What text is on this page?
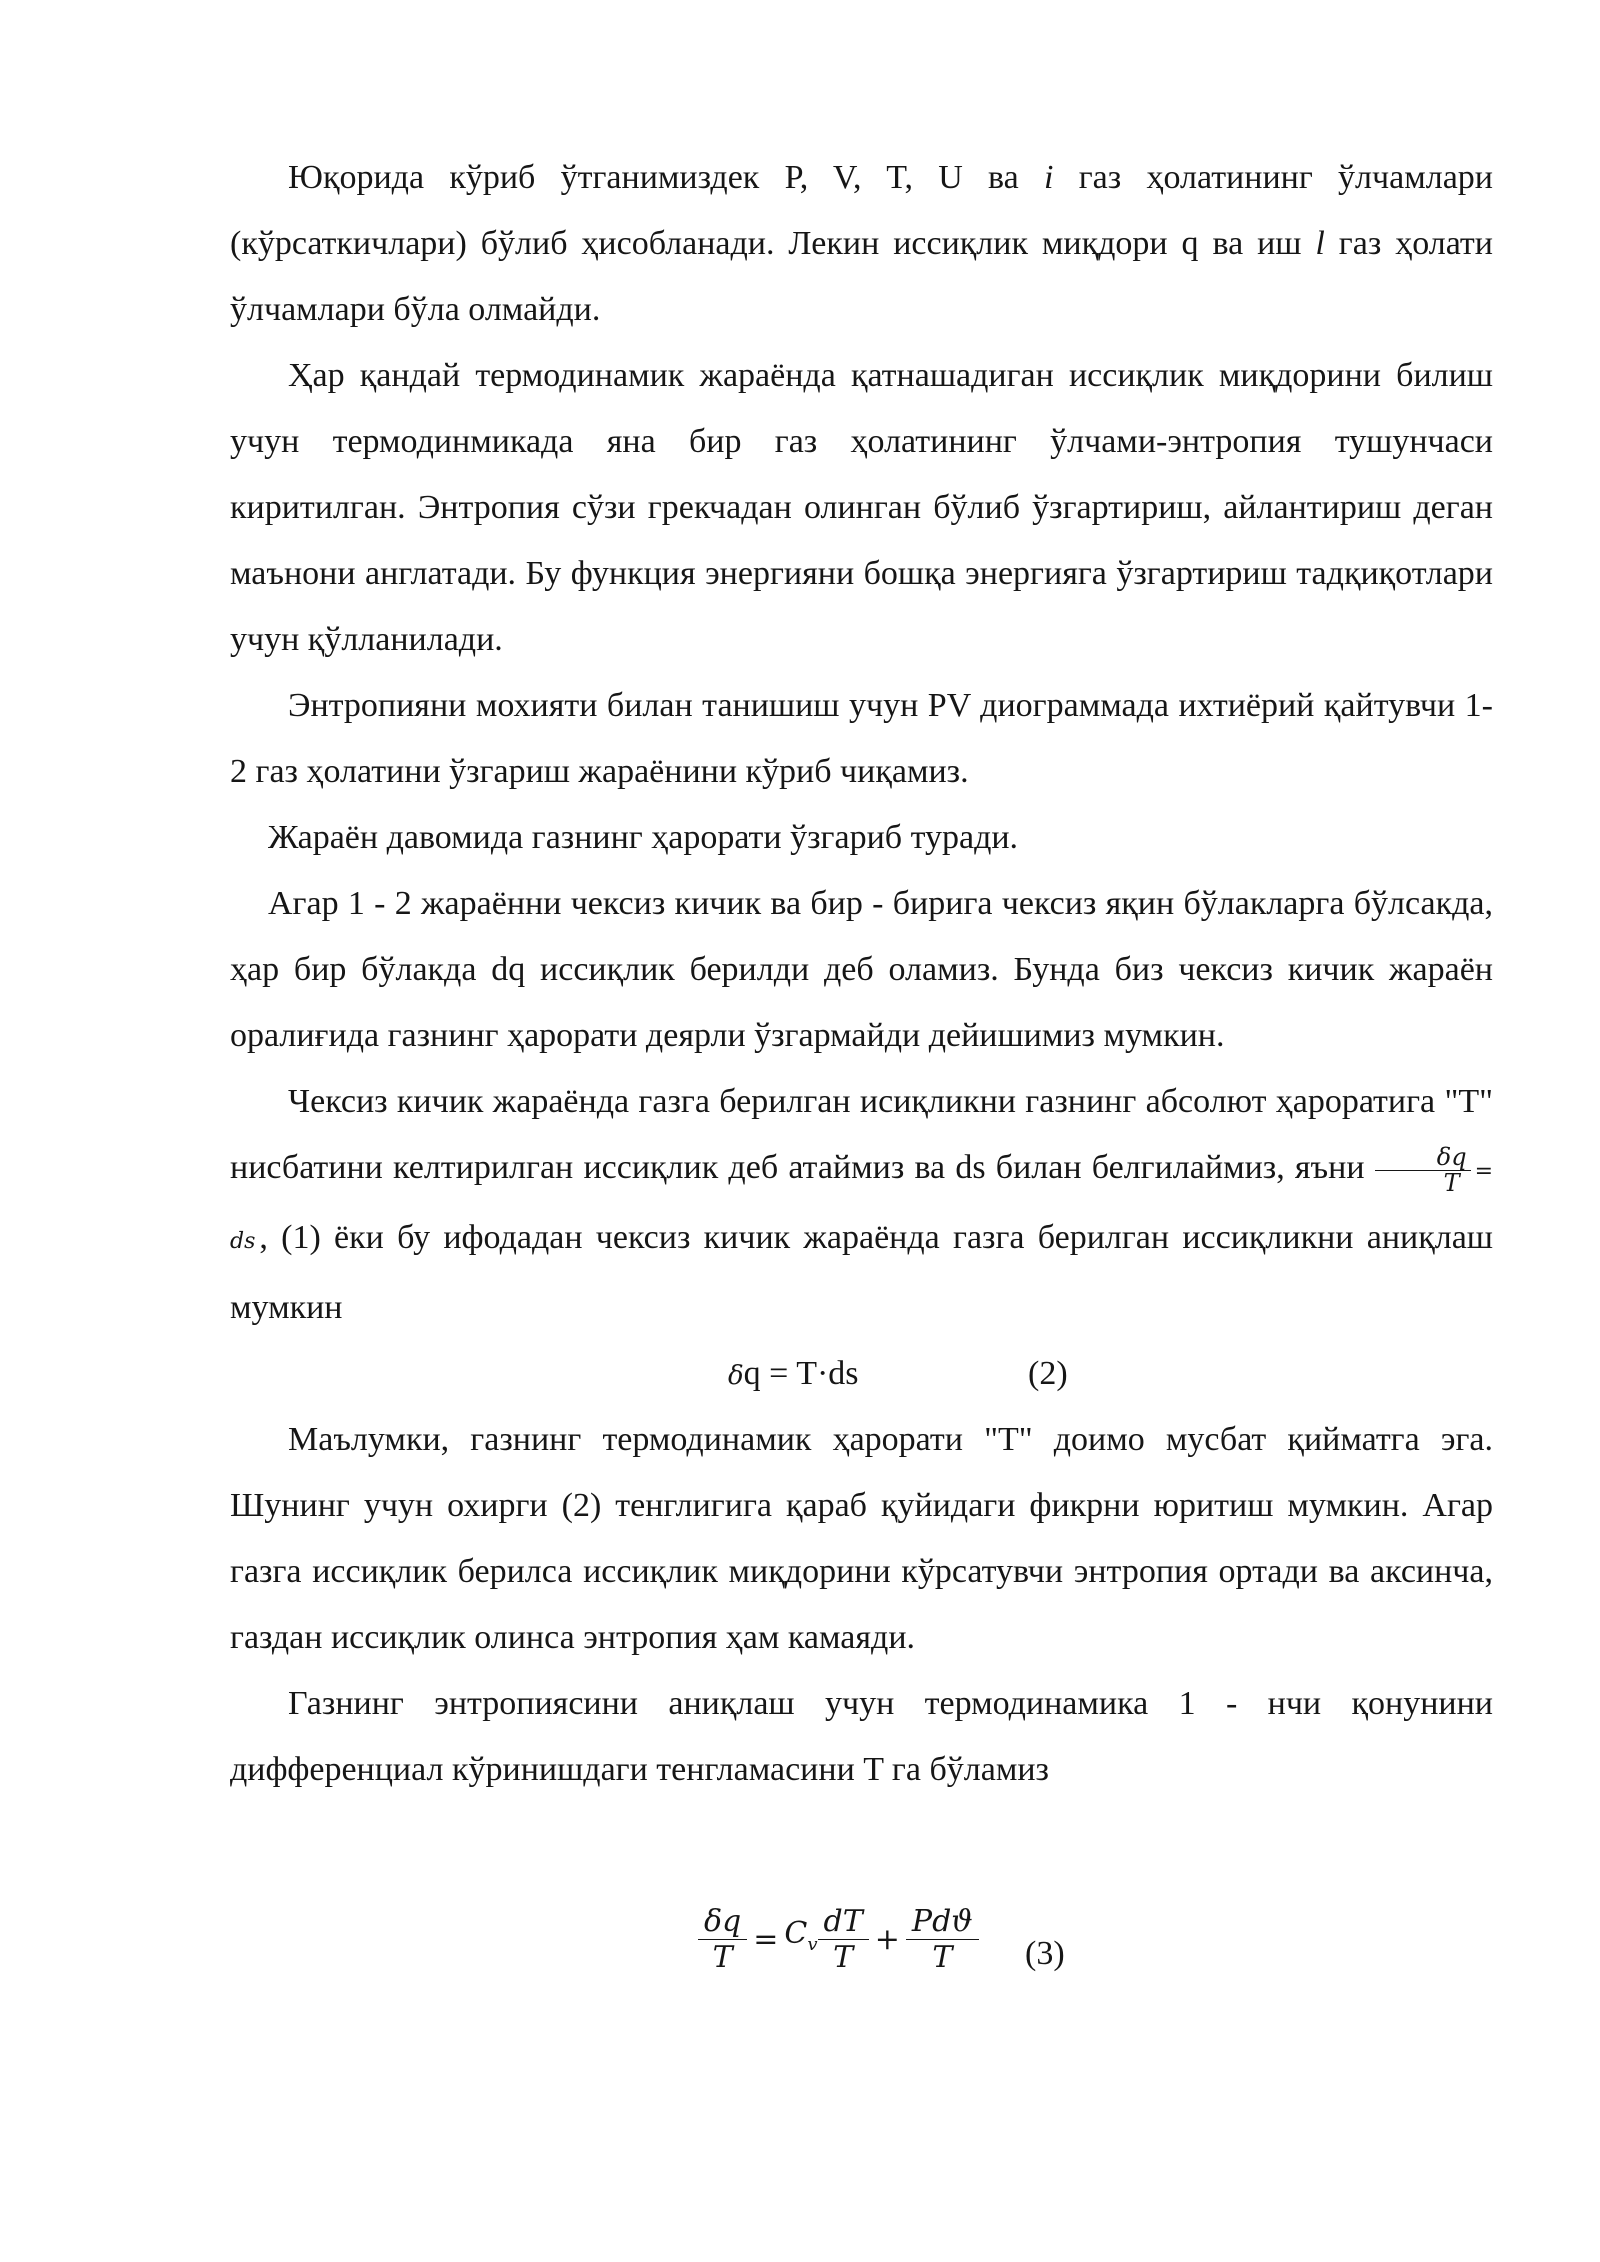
Юқорида кўриб ўтганимиздек P, V, T, U ва i газ ҳолатининг ўлчамлари (кўрсаткичлари) бўлиб ҳисобланади. Лекин иссиқлик миқдори q ва иш l газ ҳолати ўлчамлари бўла олмайди.

Ҳар қандай термодинамик жараёнда қатнашадиган иссиқлик миқдорини билиш учун термодинмикада яна бир газ ҳолатининг ўлчами-энтропия тушунчаси киритилган. Энтропия сўзи грекчадан олинган бўлиб ўзгартириш, айлантириш деган маънони англатади. Бу функция энергияни бошқа энергияга ўзгартириш тадқиқотлари учун қўлланилади.

Энтропияни мохияти билан танишиш учун PV диограммада ихтиёрий қайтувчи 1-2 газ ҳолатини ўзгариш жараёнини кўриб чиқамиз.

Жараён давомида газнинг ҳарорати ўзгариб туради.

Агар 1 - 2 жараённи чексиз кичик ва бир - бирига чексиз яқин бўлакларга бўлсакда, ҳар бир бўлакда dq иссиқлик берилди деб оламиз. Бунда биз чексиз кичик жараён оралиғида газнинг ҳарорати деярли ўзгармайди дейишимиз мумкин.

Чексиз кичик жараёнда газга берилган исиқликни газнинг абсолют ҳароратига "T" нисбатини келтирилган иссиқлик деб атаймиз ва ds билан белгилаймиз, яъни $\frac{\delta q}{T}$ = ds , (1) ёки бу ифодадан чексиз кичик жараёнда газга берилган иссиқликни аниқлаш мумкин

δq = T·ds	(2)

Маълумки, газнинг термодинамик ҳарорати "T" доимо мусбат қийматга эга. Шунинг учун охирги (2) тенглигига қараб қуйидаги фикрни юритиш мумкин. Агар газга иссиқлик берилса иссиқлик миқдорини кўрсатувчи энтропия ортади ва аксинча, газдан иссиқлик олинса энтропия ҳам камаяди.

Газнинг энтропиясини аниқлаш учун термодинамика 1 - нчи қонунини дифференциал кўринишдаги тенгламасини T га бўламиз

$\frac{\delta q}{T} = C_v \frac{dT}{T} + \frac{\text{Pdϑ}}{T} (3)$
